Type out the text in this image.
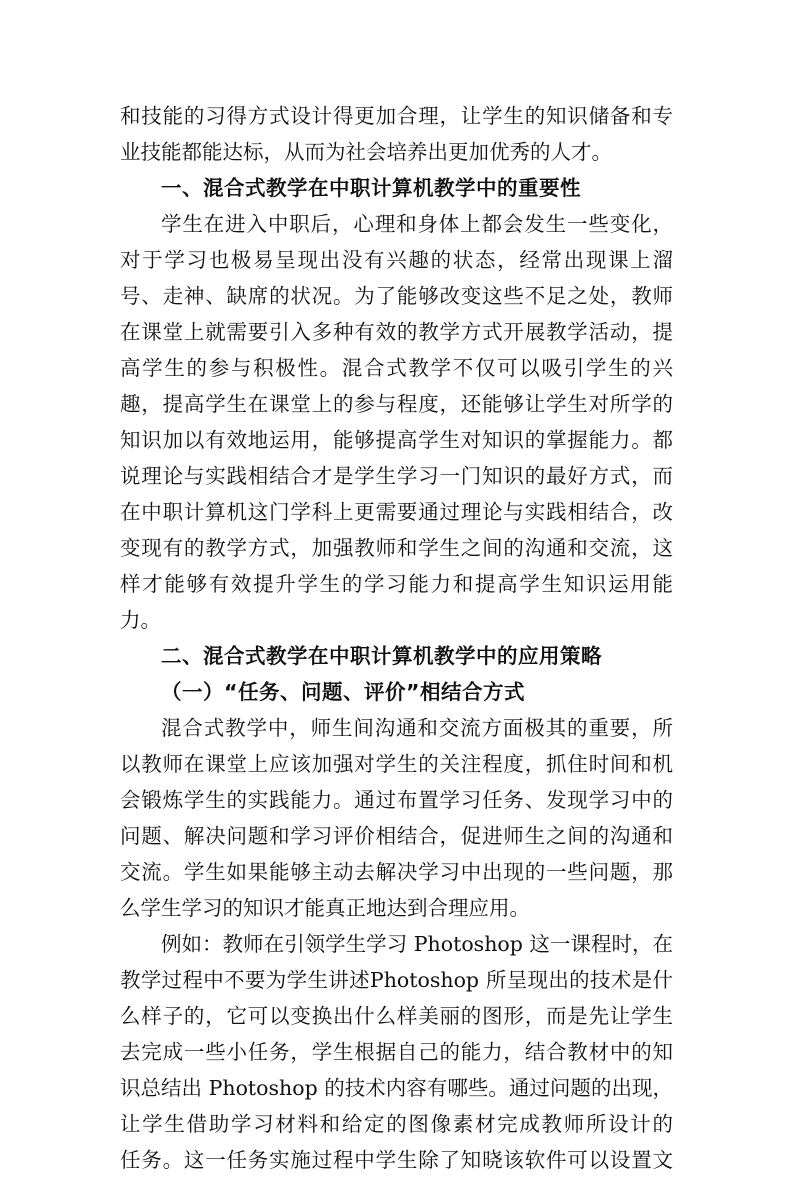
和技能的习得方式设计得更加合理，让学生的知识储备和专
业技能都能达标，从而为社会培养出更加优秀的人才。
一、混合式教学在中职计算机教学中的重要性
学生在进入中职后，心理和身体上都会发生一些变化，
对于学习也极易呈现出没有兴趣的状态，经常出现课上溜
号、走神、缺席的状况。为了能够改变这些不足之处，教师
在课堂上就需要引入多种有效的教学方式开展教学活动，提
高学生的参与积极性。混合式教学不仅可以吸引学生的兴
趣，提高学生在课堂上的参与程度，还能够让学生对所学的
知识加以有效地运用，能够提高学生对知识的掌握能力。都
说理论与实践相结合才是学生学习一门知识的最好方式，而
在中职计算机这门学科上更需要通过理论与实践相结合，改
变现有的教学方式，加强教师和学生之间的沟通和交流，这
样才能够有效提升学生的学习能力和提高学生知识运用能
力。
二、混合式教学在中职计算机教学中的应用策略
（一）“任务、问题、评价”相结合方式
混合式教学中，师生间沟通和交流方面极其的重要，所
以教师在课堂上应该加强对学生的关注程度，抓住时间和机
会锻炼学生的实践能力。通过布置学习任务、发现学习中的
问题、解决问题和学习评价相结合，促进师生之间的沟通和
交流。学生如果能够主动去解决学习中出现的一些问题，那
么学生学习的知识才能真正地达到合理应用。
例如：教师在引领学生学习 Photoshop 这一课程时，在
教学过程中不要为学生讲述Photoshop 所呈现出的技术是什
么样子的，它可以变换出什么样美丽的图形，而是先让学生
去完成一些小任务，学生根据自己的能力，结合教材中的知
识总结出 Photoshop 的技术内容有哪些。通过问题的出现，
让学生借助学习材料和给定的图像素材完成教师所设计的
任务。这一任务实施过程中学生除了知晓该软件可以设置文
